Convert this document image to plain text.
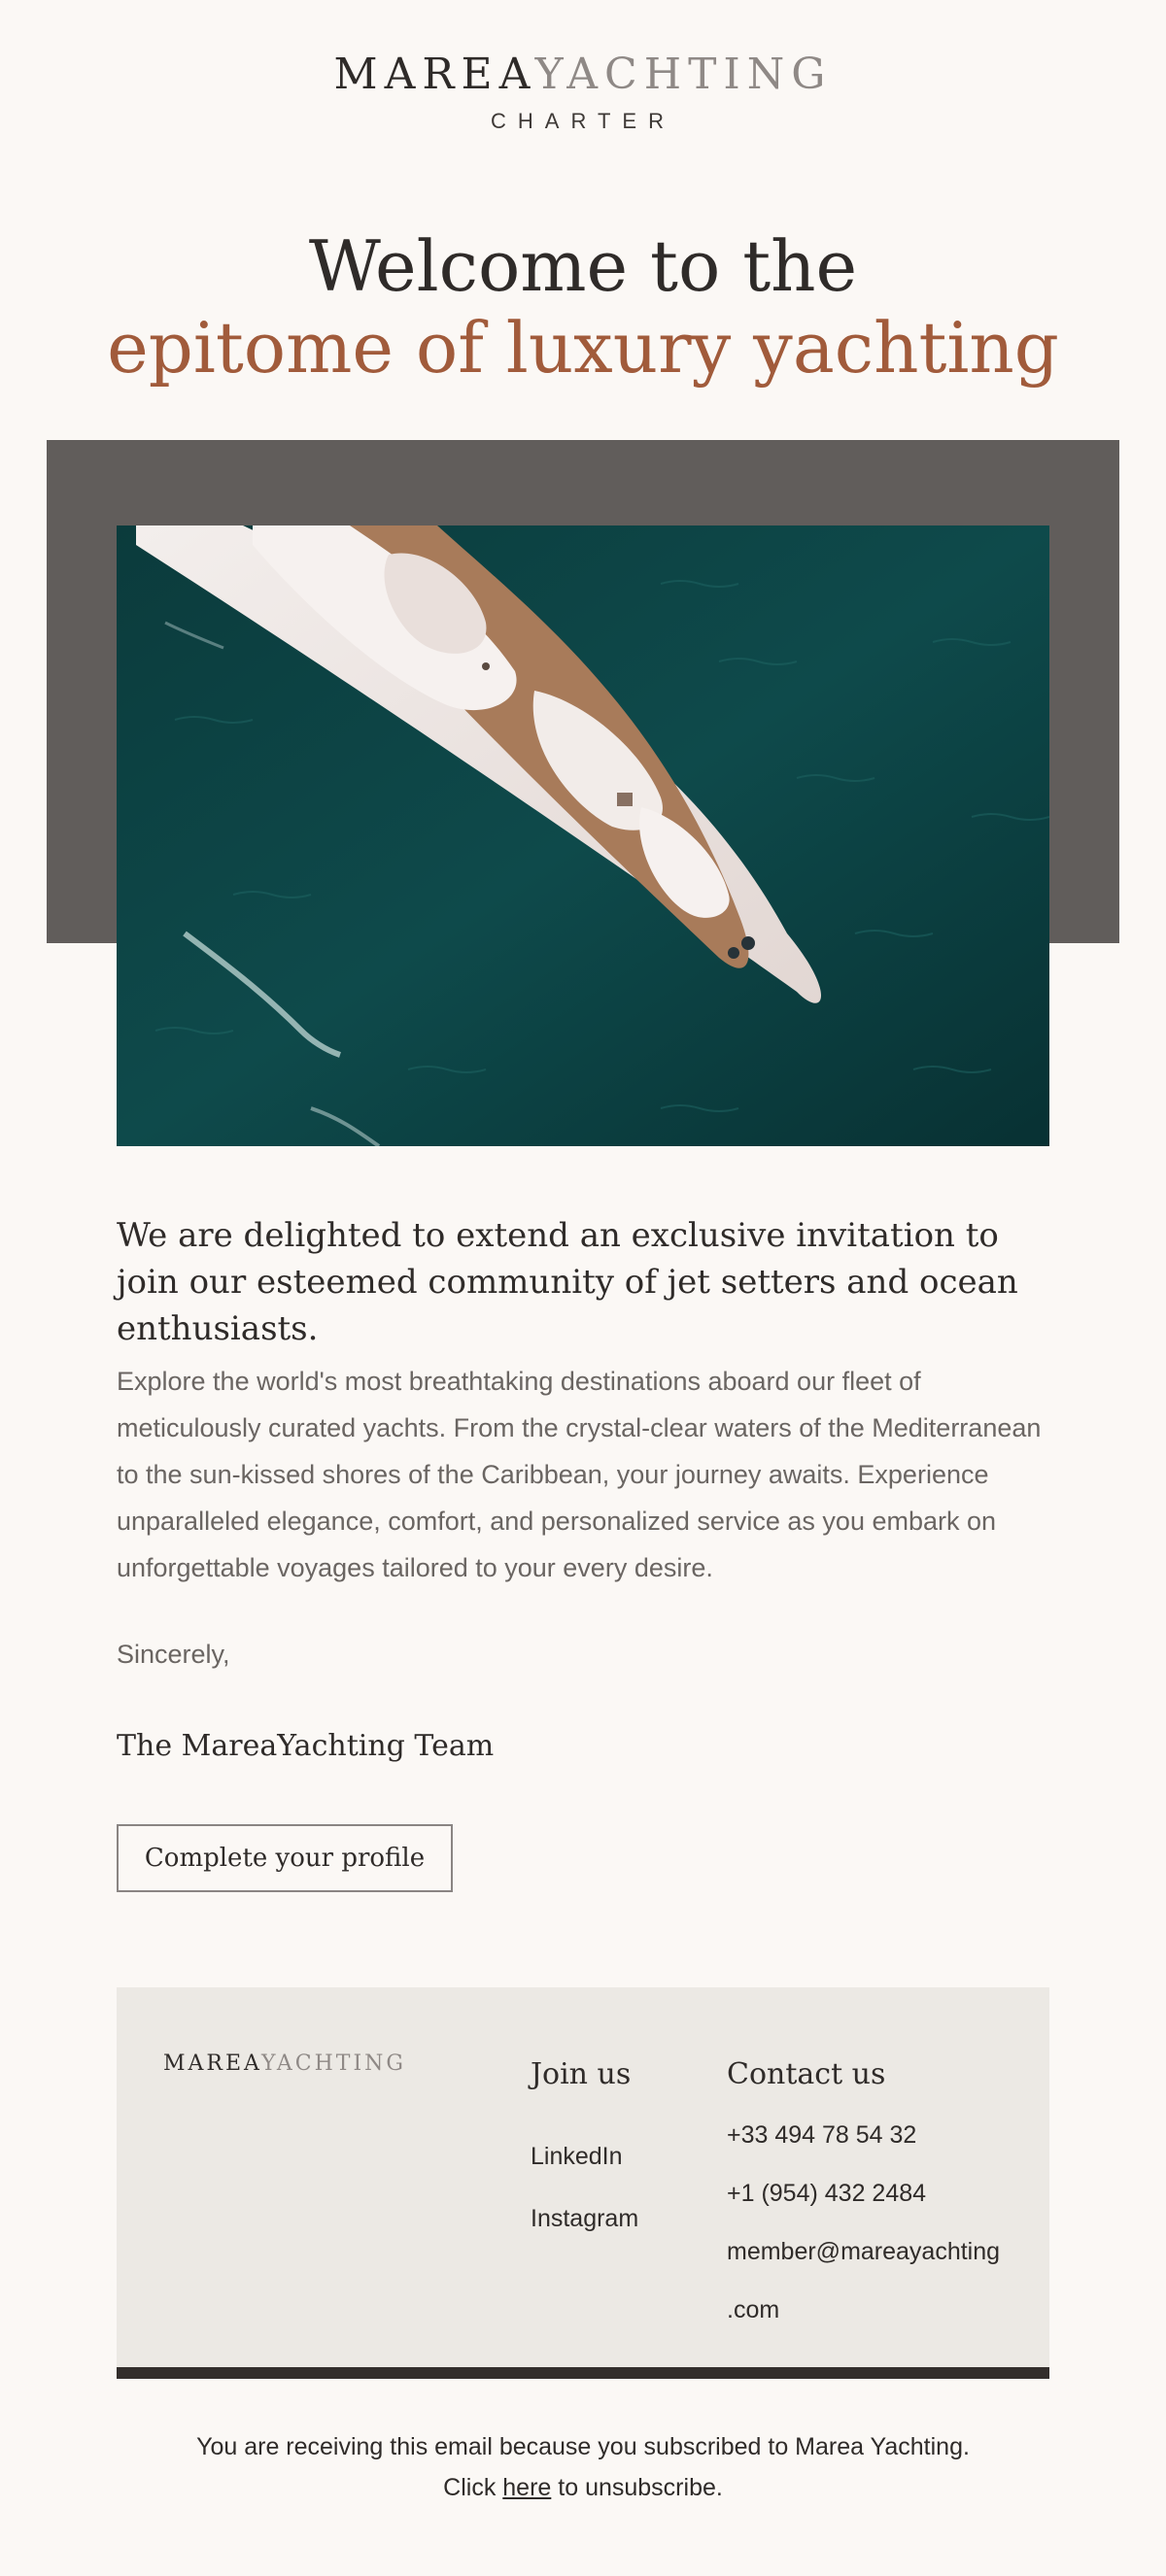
MAREAYACHTING
CHARTER
Welcome to the
epitome of luxury yachting

We are delighted to extend an exclusive invitation to join our esteemed community of jet setters and ocean enthusiasts.

Explore the world's most breathtaking destinations aboard our fleet of meticulously curated yachts. From the crystal-clear waters of the Mediterranean to the sun-kissed shores of the Caribbean, your journey awaits. Experience unparalleled elegance, comfort, and personalized service as you embark on unforgettable voyages tailored to your every desire.

Sincerely,
The MareaYachting Team
Complete your profile
MAREAYACHTING	Join us
LinkedIn
Instagram
Contact us
+33 494 78 54 32
+1 (954) 432 2484
member@mareayachting
.com
You are receiving this email because you subscribed to Marea Yachting.
Click here to unsubscribe.
